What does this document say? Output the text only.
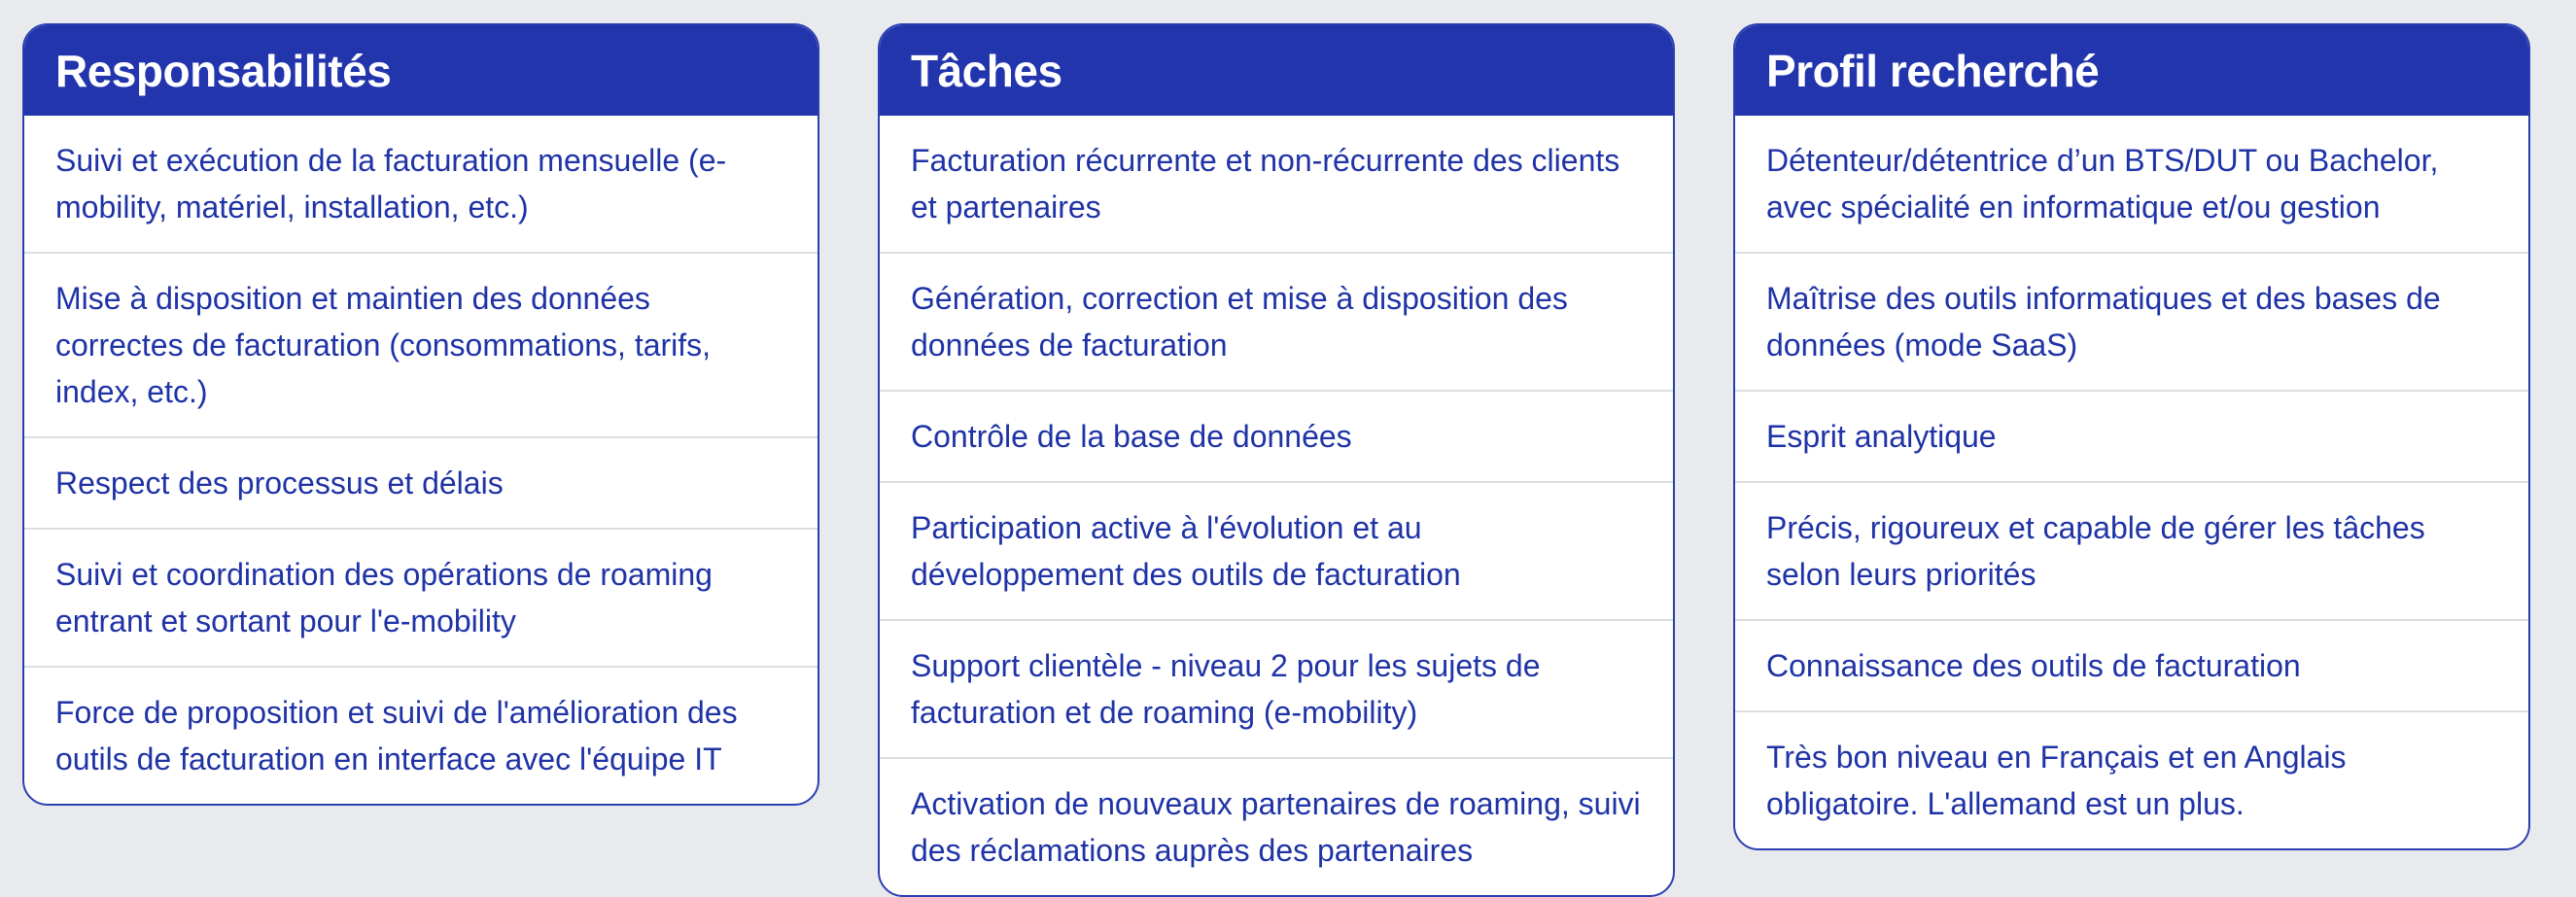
Responsabilités
Suivi et exécution de la facturation mensuelle (e-mobility, matériel, installation, etc.)
Mise à disposition et maintien des données correctes de facturation (consommations, tarifs, index, etc.)
Respect des processus et délais
Suivi et coordination des opérations de roaming entrant et sortant pour l'e-mobility
Force de proposition et suivi de l'amélioration des outils de facturation en interface avec l'équipe IT
Tâches
Facturation récurrente et non-récurrente des clients et partenaires
Génération, correction et mise à disposition des données de facturation
Contrôle de la base de données
Participation active à l'évolution et au développement des outils de facturation
Support clientèle - niveau 2 pour les sujets de facturation et de roaming (e-mobility)
Activation de nouveaux partenaires de roaming, suivi des réclamations auprès des partenaires
Profil recherché
Détenteur/détentrice d’un BTS/DUT ou Bachelor, avec spécialité en informatique et/ou gestion
Maîtrise des outils informatiques et des bases de données (mode SaaS)
Esprit analytique
Précis, rigoureux et capable de gérer les tâches selon leurs priorités
Connaissance des outils de facturation
Très bon niveau en Français et en Anglais obligatoire. L'allemand est un plus.
